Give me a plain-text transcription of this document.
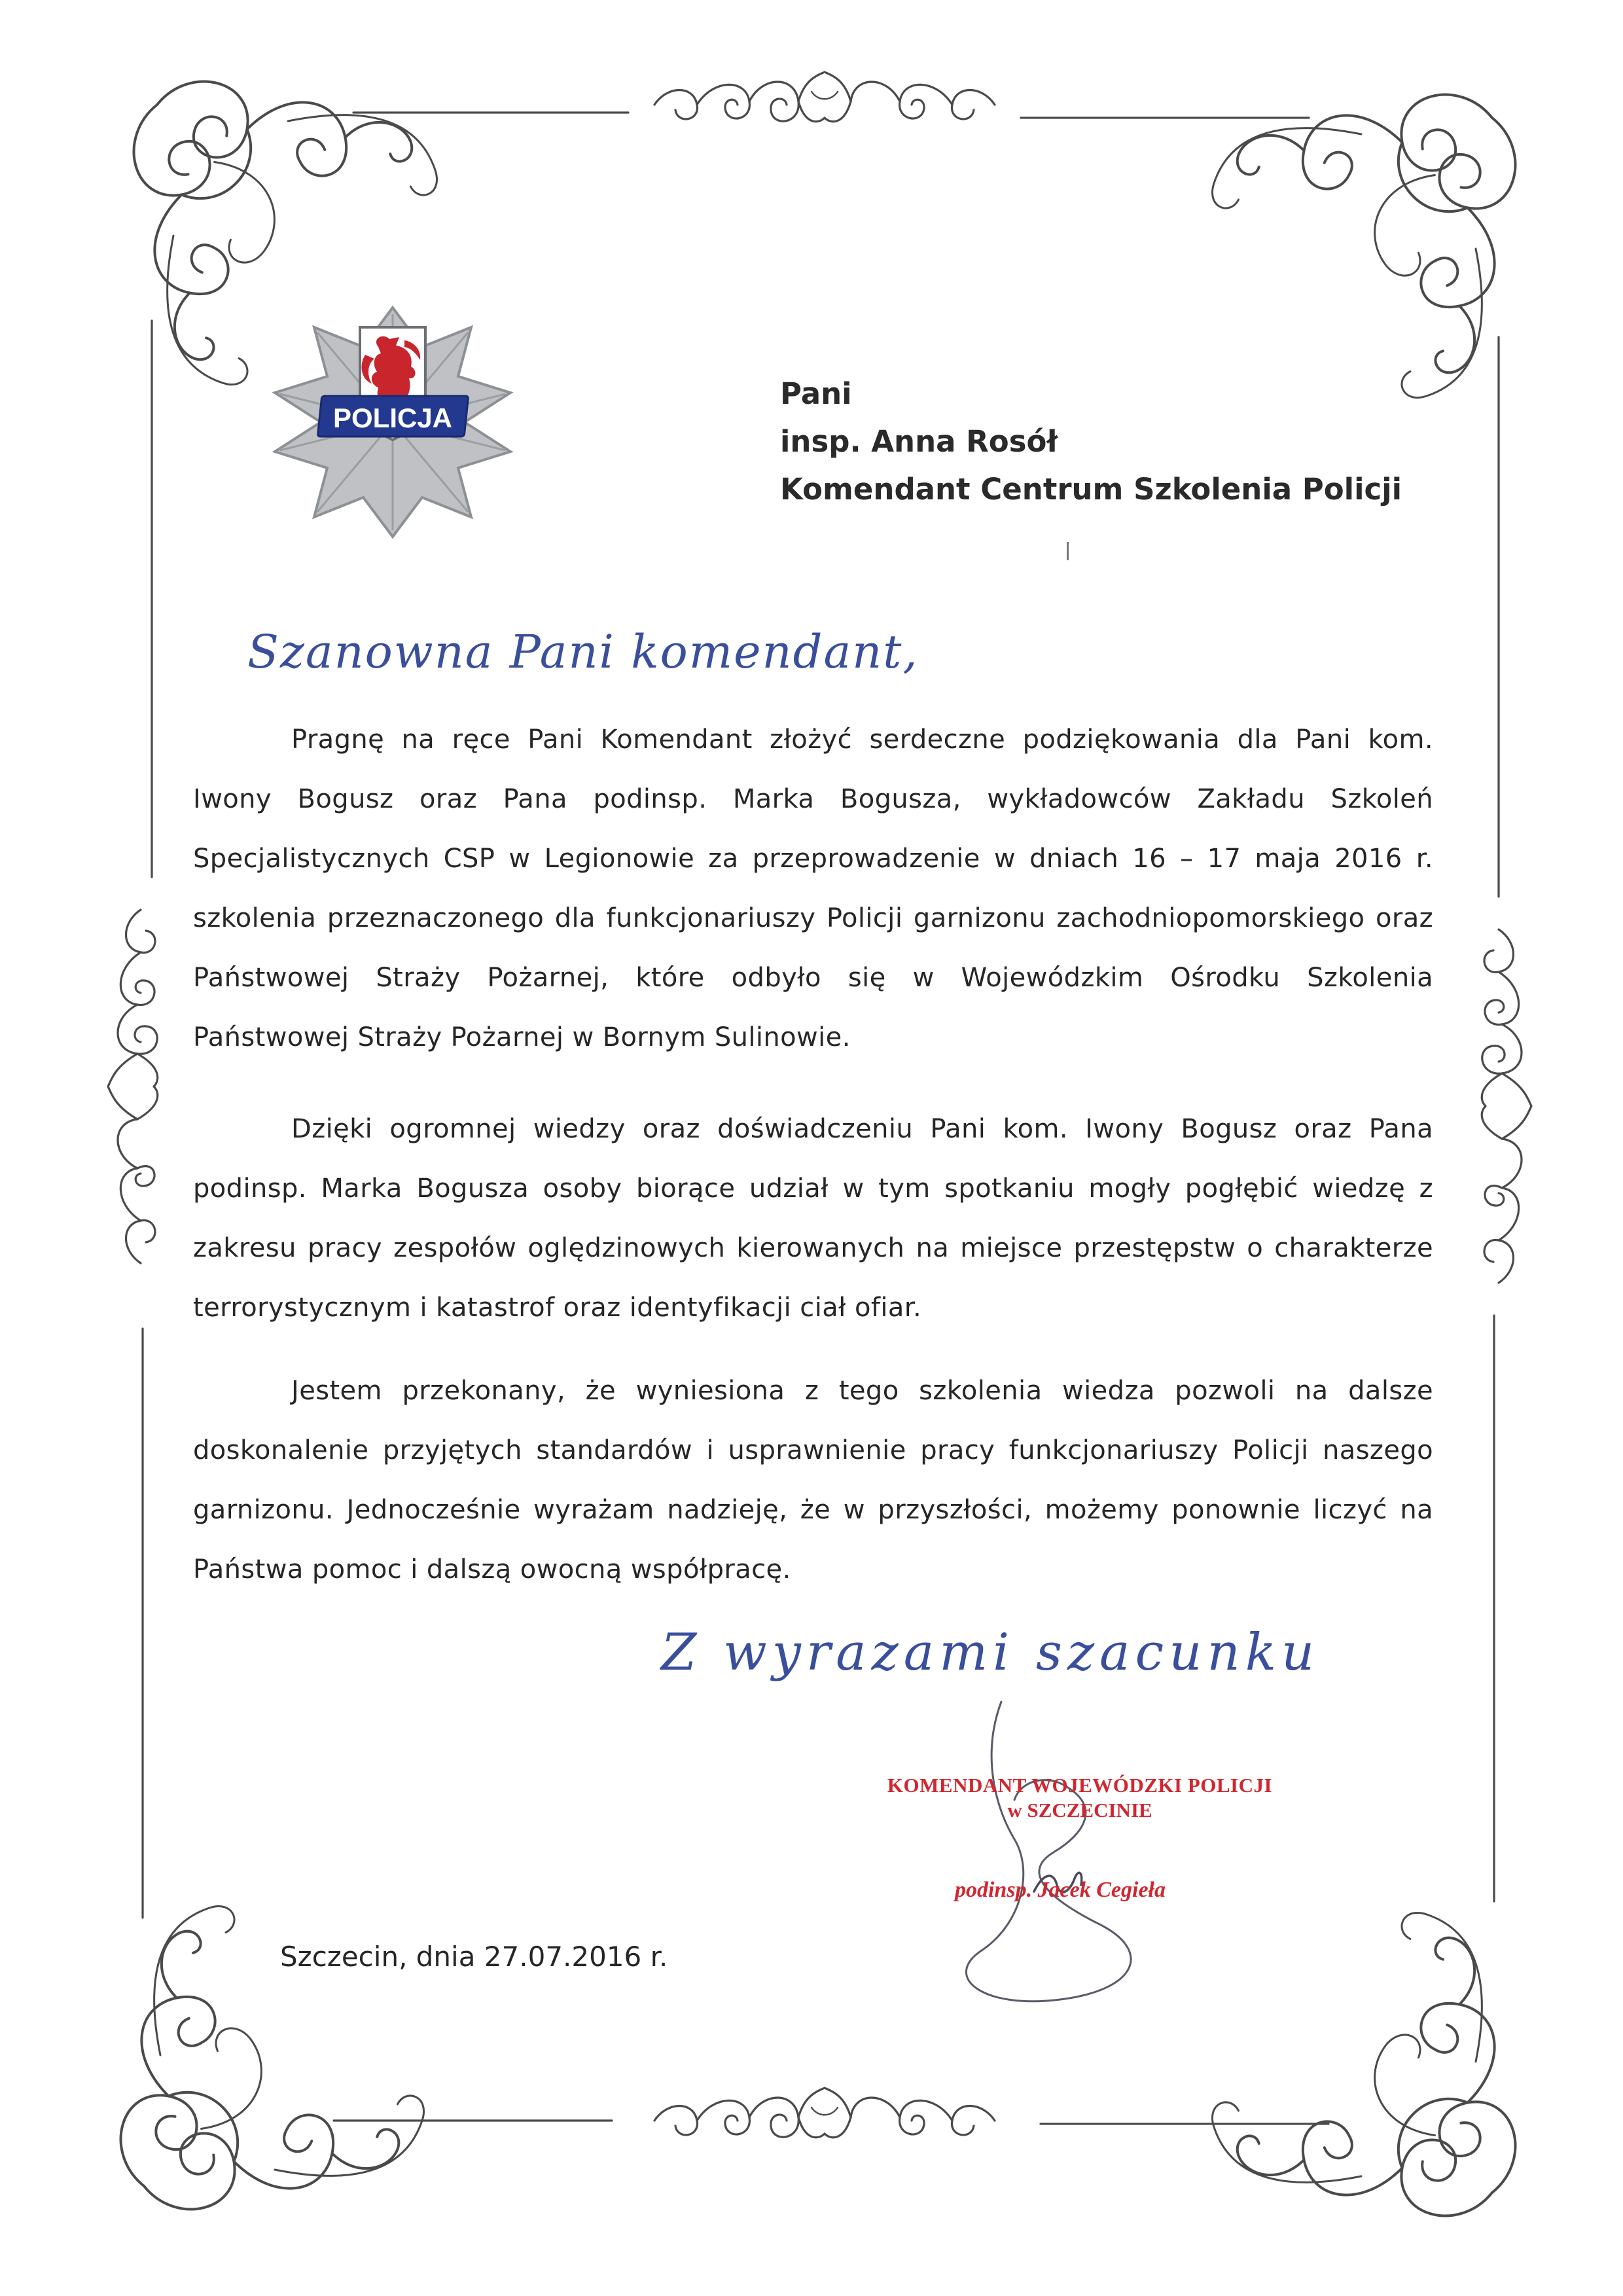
POLICJA
Pani
insp. Anna Rosół
Komendant Centrum Szkolenia Policji
Szanowna Pani komendant,

Pragnę na ręce Pani Komendant złożyć serdeczne podziękowania dla Pani kom. Iwony Bogusz oraz Pana podinsp. Marka Bogusza, wykładowców Zakładu Szkoleń Specjalistycznych CSP w Legionowie za przeprowadzenie w dniach 16 – 17 maja 2016 r. szkolenia przeznaczonego dla funkcjonariuszy Policji garnizonu zachodniopomorskiego oraz Państwowej Straży Pożarnej, które odbyło się w Wojewódzkim Ośrodku Szkolenia Państwowej Straży Pożarnej w Bornym Sulinowie.

Dzięki ogromnej wiedzy oraz doświadczeniu Pani kom. Iwony Bogusz oraz Pana podinsp. Marka Bogusza osoby biorące udział w tym spotkaniu mogły pogłębić wiedzę z zakresu pracy zespołów oględzinowych kierowanych na miejsce przestępstw o charakterze terrorystycznym i katastrof oraz identyfikacji ciał ofiar.

Jestem przekonany, że wyniesiona z tego szkolenia wiedza pozwoli na dalsze doskonalenie przyjętych standardów i usprawnienie pracy funkcjonariuszy Policji naszego garnizonu. Jednocześnie wyrażam nadzieję, że w przyszłości, możemy ponownie liczyć na Państwa pomoc i dalszą owocną współpracę.

Z wyrazami szacunku
KOMENDANT WOJEWÓDZKI POLICJI
w SZCZECINIE
podinsp. Jacek Cegieła
Szczecin, dnia 27.07.2016 r.
